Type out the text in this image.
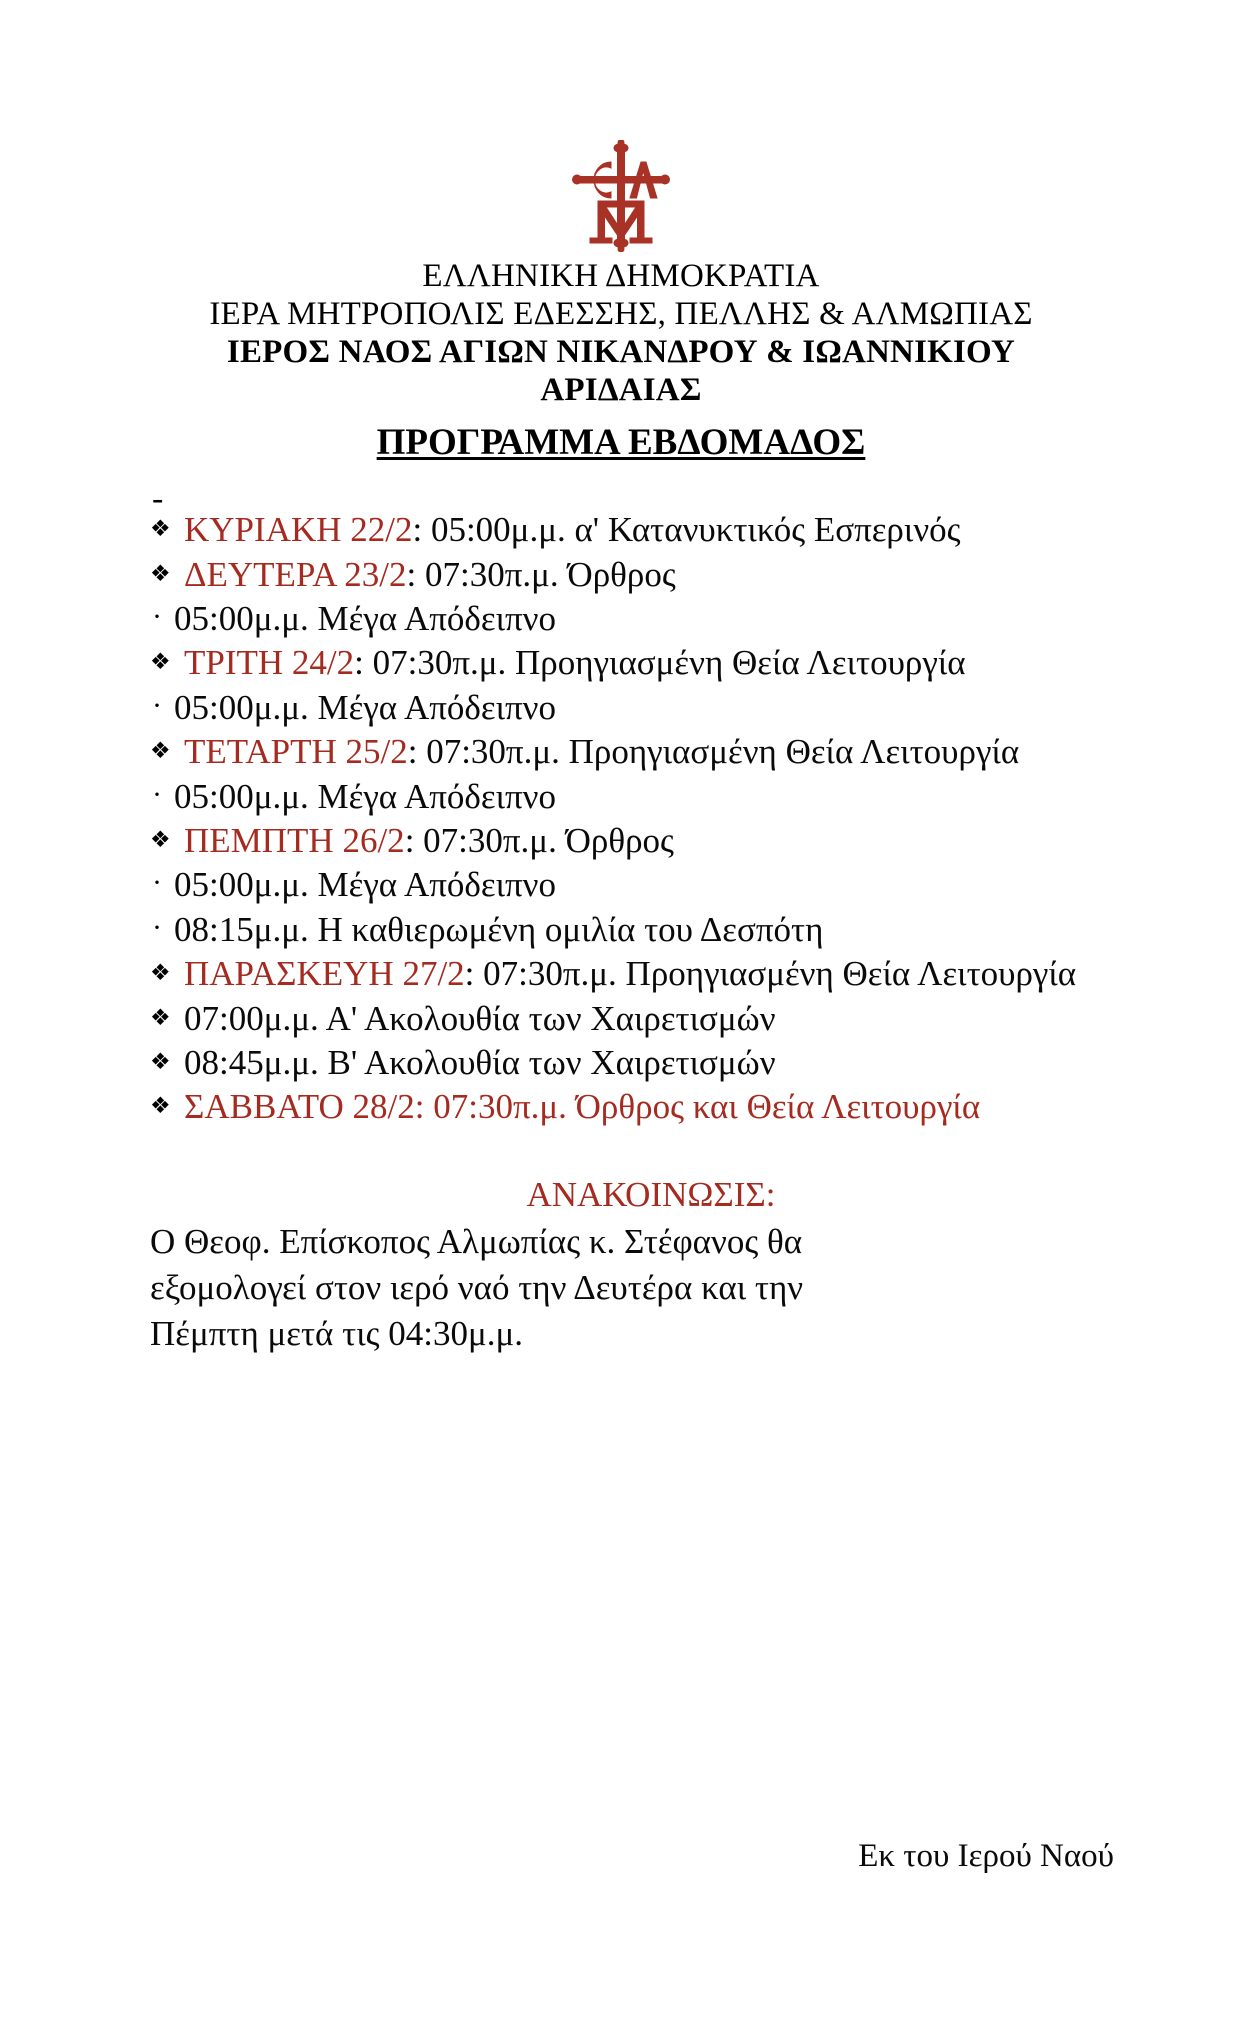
ΕΛΛΗΝΙΚΗ ΔΗΜΟΚΡΑΤΙΑ
ΙΕΡΑ ΜΗΤΡΟΠΟΛΙΣ ΕΔΕΣΣΗΣ, ΠΕΛΛΗΣ & ΑΛΜΩΠΙΑΣ
ΙΕΡΟΣ ΝΑΟΣ ΑΓΙΩΝ ΝΙΚΑΝΔΡΟΥ & ΙΩΑΝΝΙΚΙΟΥ
ΑΡΙΔΑΙΑΣ
ΠΡΟΓΡΑΜΜΑ ΕΒΔΟΜΑΔΟΣ
-
❖ ΚΥΡΙΑΚΗ 22/2: 05:00μ.μ. α' Κατανυκτικός Εσπερινός
❖ ΔΕΥΤΕΡΑ 23/2: 07:30π.μ. Όρθρος
· 05:00μ.μ. Μέγα Απόδειπνο
❖ ΤΡΙΤΗ 24/2: 07:30π.μ. Προηγιασμένη Θεία Λειτουργία
· 05:00μ.μ. Μέγα Απόδειπνο
❖ ΤΕΤΑΡΤΗ 25/2: 07:30π.μ. Προηγιασμένη Θεία Λειτουργία
· 05:00μ.μ. Μέγα Απόδειπνο
❖ ΠΕΜΠΤΗ 26/2: 07:30π.μ. Όρθρος
· 05:00μ.μ. Μέγα Απόδειπνο
· 08:15μ.μ. Η καθιερωμένη ομιλία του Δεσπότη
❖ ΠΑΡΑΣΚΕΥΗ 27/2: 07:30π.μ. Προηγιασμένη Θεία Λειτουργία
❖ 07:00μ.μ. Α' Ακολουθία των Χαιρετισμών
❖ 08:45μ.μ. Β' Ακολουθία των Χαιρετισμών
❖ ΣΑΒΒΑΤΟ 28/2: 07:30π.μ. Όρθρος και Θεία Λειτουργία
ΑΝΑΚΟΙΝΩΣΙΣ:
Ο Θεοφ. Επίσκοπος Αλμωπίας κ. Στέφανος θα
εξομολογεί στον ιερό ναό την Δευτέρα και την
Πέμπτη μετά τις 04:30μ.μ.
Εκ του Ιερού Ναού
